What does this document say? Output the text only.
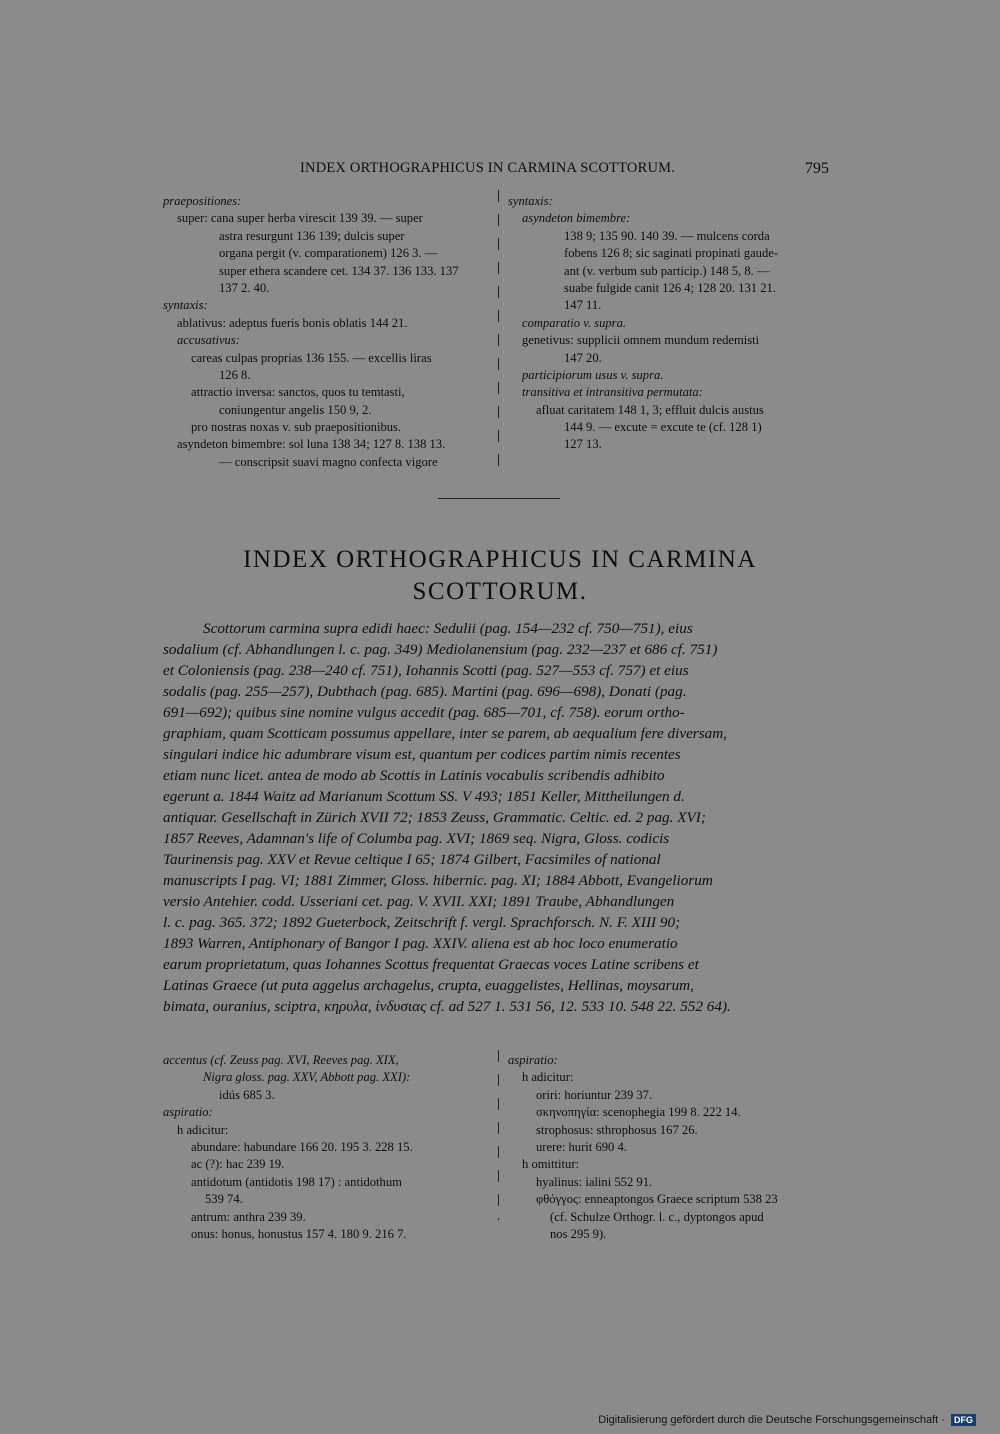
INDEX ORTHOGRAPHICUS IN CARMINA SCOTTORUM.	795
praepositiones:
super: cana super herba virescit 139 39. — super
astra resurgunt 136 139; dulcis super
organa pergit (v. comparationem) 126 3. —
super ethera scandere cet. 134 37. 136 133. 137
137 2. 40.
syntaxis:
ablativus: adeptus fueris bonis oblatis 144 21.
accusativus:
careas culpas proprias 136 155. — excellis liras
126 8.
attractio inversa: sanctos, quos tu temtasti,
coniungentur angelis 150 9, 2.
pro nostras noxas v. sub praepositionibus.
asyndeton bimembre: sol luna 138 34; 127 8. 138 13.
— conscripsit suavi magno confecta vigore
syntaxis:
asyndeton bimembre:
138 9; 135 90. 140 39. — mulcens corda
fobens 126 8; sic saginati propinati gaude-
ant (v. verbum sub particip.) 148 5, 8. —
suabe fulgide canit 126 4; 128 20. 131 21.
147 11.
comparatio v. supra.
genetivus: supplicii omnem mundum redemisti
147 20.
participiorum usus v. supra.
transitiva et intransitiva permutata:
afluat caritatem 148 1, 3; effluit dulcis austus
144 9. — excute = excute te (cf. 128 1)
127 13.
INDEX ORTHOGRAPHICUS IN CARMINA
SCOTTORUM.
Scottorum carmina supra edidi haec: Sedulii (pag. 154—232 cf. 750—751), eius
sodalium (cf. Abhandlungen l. c. pag. 349) Mediolanensium (pag. 232—237 et 686 cf. 751)
et Coloniensis (pag. 238—240 cf. 751), Iohannis Scotti (pag. 527—553 cf. 757) et eius
sodalis (pag. 255—257), Dubthach (pag. 685). Martini (pag. 696—698), Donati (pag.
691—692); quibus sine nomine vulgus accedit (pag. 685—701, cf. 758). eorum ortho-
graphiam, quam Scotticam possumus appellare, inter se parem, ab aequalium fere diversam,
singulari indice hic adumbrare visum est, quantum per codices partim nimis recentes
etiam nunc licet. antea de modo ab Scottis in Latinis vocabulis scribendis adhibito
egerunt a. 1844 Waitz ad Marianum Scottum SS. V 493; 1851 Keller, Mittheilungen d.
antiquar. Gesellschaft in Zürich XVII 72; 1853 Zeuss, Grammatic. Celtic. ed. 2 pag. XVI;
1857 Reeves, Adamnan's life of Columba pag. XVI; 1869 seq. Nigra, Gloss. codicis
Taurinensis pag. XXV et Revue celtique I 65; 1874 Gilbert, Facsimiles of national
manuscripts I pag. VI; 1881 Zimmer, Gloss. hibernic. pag. XI; 1884 Abbott, Evangeliorum
versio Antehier. codd. Usseriani cet. pag. V. XVII. XXI; 1891 Traube, Abhandlungen
l. c. pag. 365. 372; 1892 Gueterbock, Zeitschrift f. vergl. Sprachforsch. N. F. XIII 90;
1893 Warren, Antiphonary of Bangor I pag. XXIV. aliena est ab hoc loco enumeratio
earum proprietatum, quas Iohannes Scottus frequentat Graecas voces Latine scribens et
Latinas Graece (ut puta aggelus archagelus, crupta, euaggelistes, Hellinas, moysarum,
bimata, ouranius, sciptra, κηρυλα, ἰνδυσιας cf. ad 527 1. 531 56, 12. 533 10. 548 22. 552 64).
accentus (cf. Zeuss pag. XVI, Reeves pag. XIX,
Nigra gloss. pag. XXV, Abbott pag. XXI):
idús 685 3.
aspiratio:
h adicitur:
abundare: habundare 166 20. 195 3. 228 15.
ac (?): hac 239 19.
antidotum (antidotis 198 17) : antidothum
539 74.
antrum: anthra 239 39.
onus: honus, honustus 157 4. 180 9. 216 7.
aspiratio:
h adicitur:
oriri: horiuntur 239 37.
σκηνοπηγία: scenophegia 199 8. 222 14.
strophosus: sthrophosus 167 26.
urere: hurit 690 4.
h omittitur:
hyalinus: ialini 552 91.
φθόγγος: enneaptongos Graece scriptum 538 23
(cf. Schulze Orthogr. l. c., dyptongos apud
nos 295 9).
Digitalisierung gefördert durch die Deutsche Forschungsgemeinschaft · DFG
